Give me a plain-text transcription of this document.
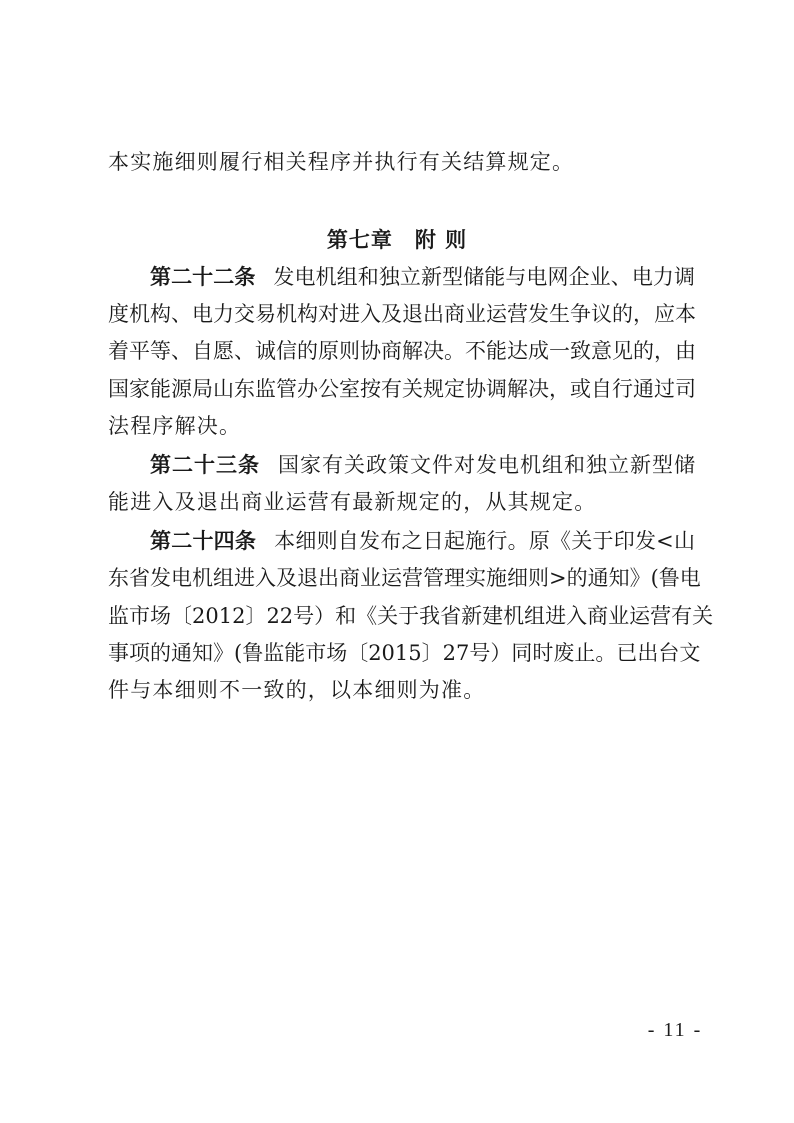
本实施细则履行相关程序并执行有关结算规定。
第七章 附 则
第二十二条 发电机组和独立新型储能与电网企业、电力调
度机构、电力交易机构对进入及退出商业运营发生争议的，应本
着平等、自愿、诚信的原则协商解决。不能达成一致意见的，由
国家能源局山东监管办公室按有关规定协调解决，或自行通过司
法程序解决。
第二十三条 国家有关政策文件对发电机组和独立新型储
能进入及退出商业运营有最新规定的，从其规定。
第二十四条 本细则自发布之日起施行。原《关于印发<山
东省发电机组进入及退出商业运营管理实施细则>的通知》(鲁电
监市场〔2012〕22号）和《关于我省新建机组进入商业运营有关
事项的通知》(鲁监能市场〔2015〕27号）同时废止。已出台文
件与本细则不一致的，以本细则为准。
- 11 -
